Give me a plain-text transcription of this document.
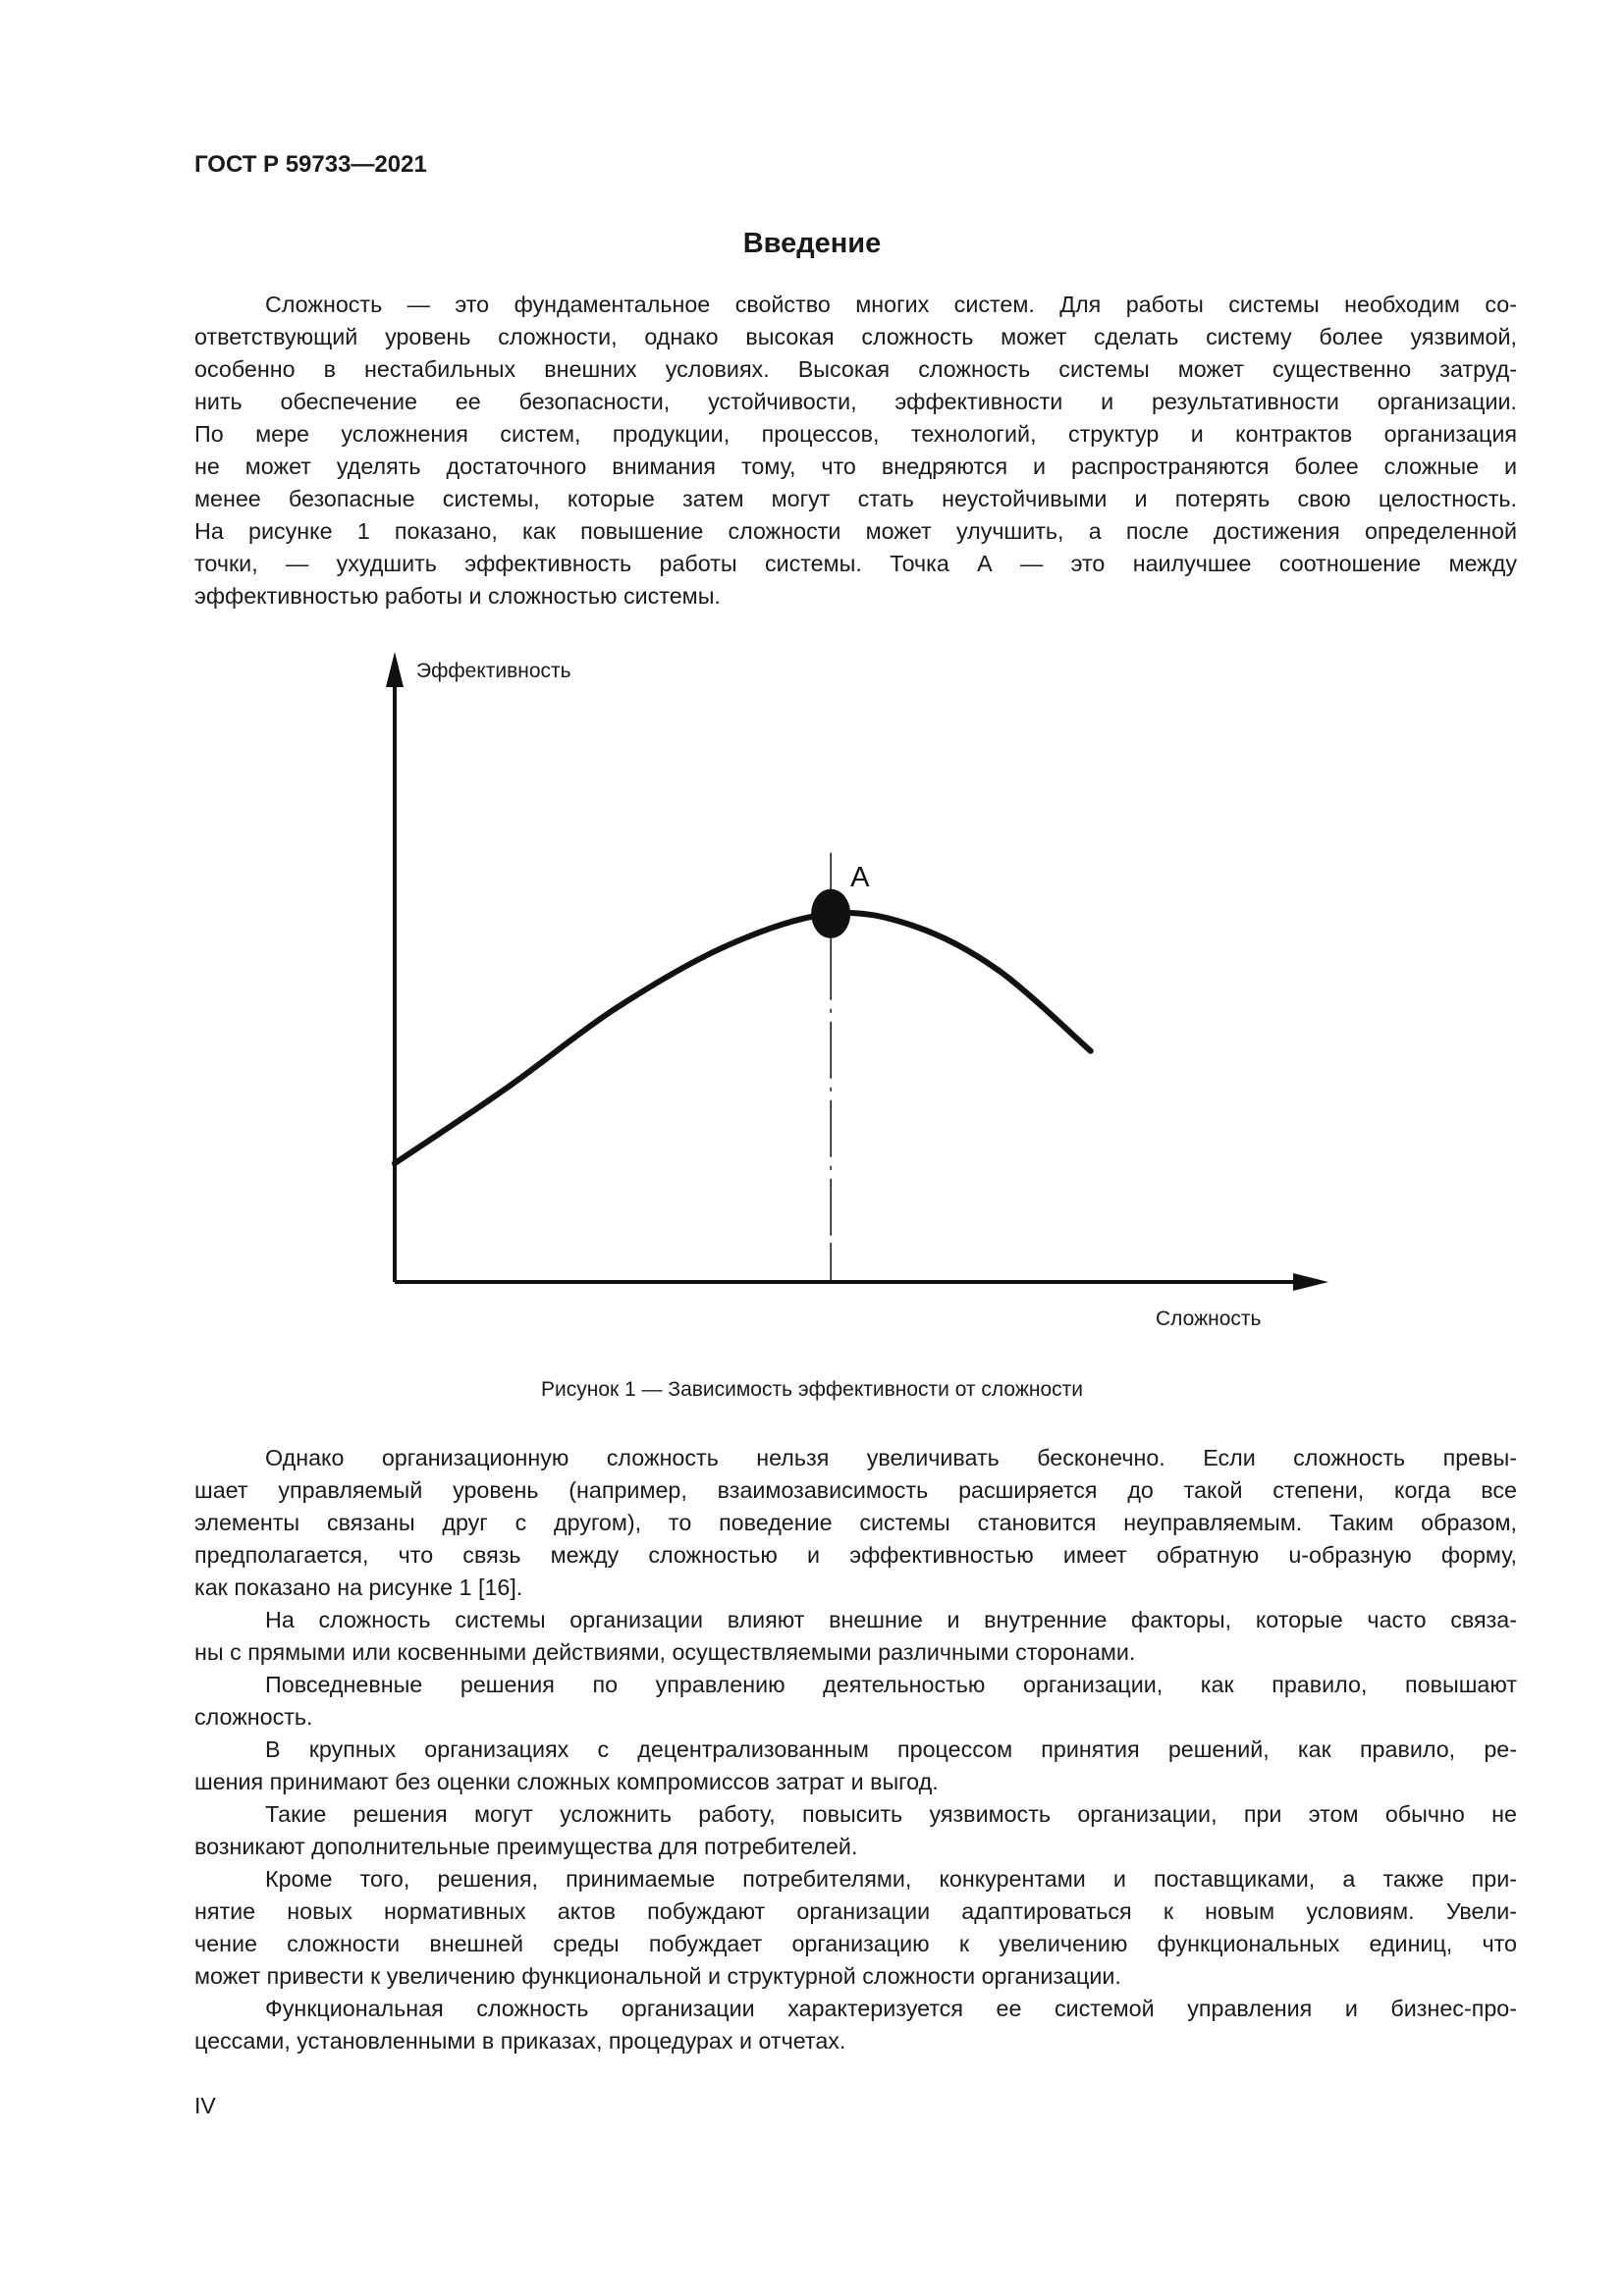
ГОСТ Р 59733—2021
Введение
Сложность — это фундаментальное свойство многих систем. Для работы системы необходим со-
ответствующий уровень сложности, однако высокая сложность может сделать систему более уязвимой,
особенно в нестабильных внешних условиях. Высокая сложность системы может существенно затруд-
нить обеспечение ее безопасности, устойчивости, эффективности и результативности организации.
По мере усложнения систем, продукции, процессов, технологий, структур и контрактов организация
не может уделять достаточного внимания тому, что внедряются и распространяются более сложные и
менее безопасные системы, которые затем могут стать неустойчивыми и потерять свою целостность.
На рисунке 1 показано, как повышение сложности может улучшить, а после достижения определенной
точки, — ухудшить эффективность работы системы. Точка А — это наилучшее соотношение между
эффективностью работы и сложностью системы.
А
Эффективность
Сложность
Рисунок 1 — Зависимость эффективности от сложности
Однако организационную сложность нельзя увеличивать бесконечно. Если сложность превы-
шает управляемый уровень (например, взаимозависимость расширяется до такой степени, когда все
элементы связаны друг с другом), то поведение системы становится неуправляемым. Таким образом,
предполагается, что связь между сложностью и эффективностью имеет обратную u-образную форму,
как показано на рисунке 1 [16].
На сложность системы организации влияют внешние и внутренние факторы, которые часто связа-
ны с прямыми или косвенными действиями, осуществляемыми различными сторонами.
Повседневные решения по управлению деятельностью организации, как правило, повышают
сложность.
В крупных организациях с децентрализованным процессом принятия решений, как правило, ре-
шения принимают без оценки сложных компромиссов затрат и выгод.
Такие решения могут усложнить работу, повысить уязвимость организации, при этом обычно не
возникают дополнительные преимущества для потребителей.
Кроме того, решения, принимаемые потребителями, конкурентами и поставщиками, а также при-
нятие новых нормативных актов побуждают организации адаптироваться к новым условиям. Увели-
чение сложности внешней среды побуждает организацию к увеличению функциональных единиц, что
может привести к увеличению функциональной и структурной сложности организации.
Функциональная сложность организации характеризуется ее системой управления и бизнес-про-
цессами, установленными в приказах, процедурах и отчетах.
IV
